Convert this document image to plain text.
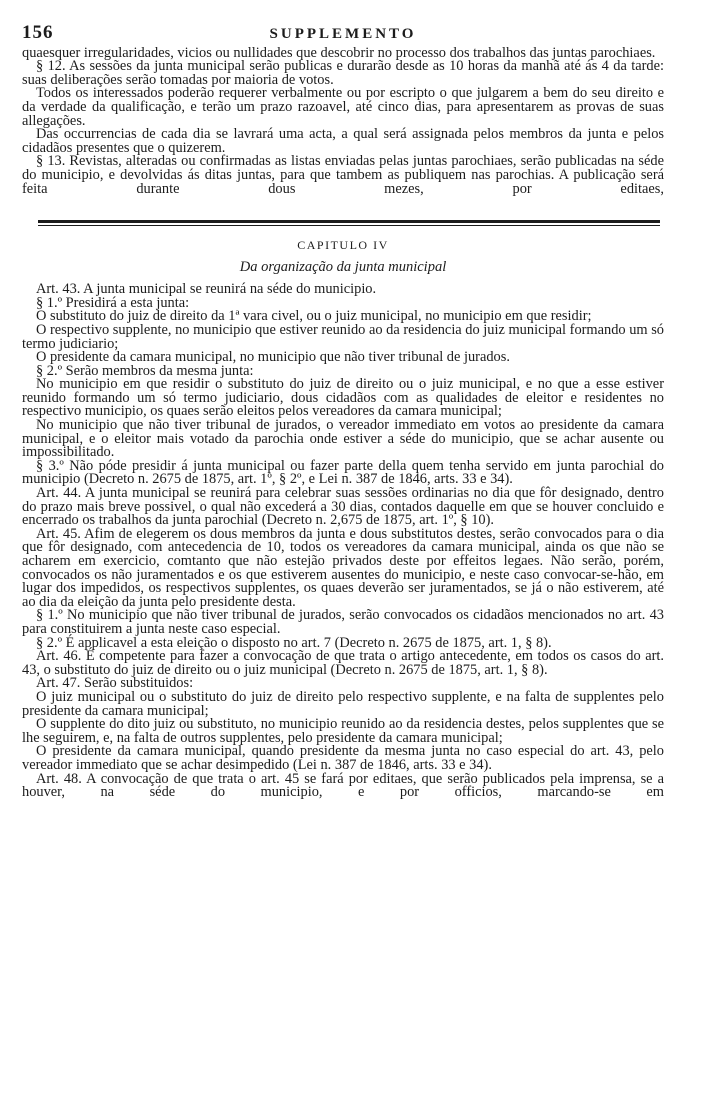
156	SUPPLEMENTO

quaesquer irregularidades, vicios ou nullidades que descobrir no processo dos trabalhos das juntas parochiaes.

§ 12. As sessões da junta municipal serão publicas e durarão desde as 10 horas da manhã até ás 4 da tarde: suas deliberações serão tomadas por maioria de votos.

Todos os interessados poderão requerer verbalmente ou por escripto o que julgarem a bem do seu direito e da verdade da qualificação, e terão um prazo razoavel, até cinco dias, para apresentarem as provas de suas allegações.

Das occurrencias de cada dia se lavrará uma acta, a qual será assignada pelos membros da junta e pelos cidadãos presentes que o quizerem.

§ 13. Revistas, alteradas ou confirmadas as listas enviadas pelas juntas parochiaes, serão publicadas na séde do municipio, e devolvidas ás ditas juntas, para que tambem as publiquem nas parochias. A publicação será feita durante dous mezes, por editaes,

CAPITULO IV
Da organização da junta municipal

Art. 43. A junta municipal se reunirá na séde do municipio.

§ 1.º Presidirá a esta junta:

O substituto do juiz de direito da 1ª vara civel, ou o juiz municipal, no municipio em que residir;

O respectivo supplente, no municipio que estiver reunido ao da residencia do juiz municipal formando um só termo judiciario;

O presidente da camara municipal, no municipio que não tiver tribunal de jurados.

§ 2.º Serão membros da mesma junta:

No municipio em que residir o substituto do juiz de direito ou o juiz municipal, e no que a esse estiver reunido formando um só termo judiciario, dous cidadãos com as qualidades de eleitor e residentes no respectivo municipio, os quaes serão eleitos pelos vereadores da camara municipal;

No municipio que não tiver tribunal de jurados, o vereador immediato em votos ao presidente da camara municipal, e o eleitor mais votado da parochia onde estiver a séde do municipio, que se achar ausente ou impossibilitado.

§ 3.º Não póde presidir á junta municipal ou fazer parte della quem tenha servido em junta parochial do municipio (Decreto n. 2675 de 1875, art. 1º, § 2º, e Lei n. 387 de 1846, arts. 33 e 34).

Art. 44. A junta municipal se reunirá para celebrar suas sessões ordinarias no dia que fôr designado, dentro do prazo mais breve possivel, o qual não excederá a 30 dias, contados daquelle em que se houver concluido e encerrado os trabalhos da junta parochial (Decreto n. 2,675 de 1875, art. 1º, § 10).

Art. 45. Afim de elegerem os dous membros da junta e dous substitutos destes, serão convocados para o dia que fôr designado, com antecedencia de 10, todos os vereadores da camara municipal, ainda os que não se acharem em exercicio, comtanto que não estejão privados deste por effeitos legaes. Não serão, porém, convocados os não juramentados e os que estiverem ausentes do municipio, e neste caso convocar-se-hão, em lugar dos impedidos, os respectivos supplentes, os quaes deverão ser juramentados, se já o não estiverem, até ao dia da eleição da junta pelo presidente desta.

§ 1.º No municipio que não tiver tribunal de jurados, serão convocados os cidadãos mencionados no art. 43 para constituirem a junta neste caso especial.

§ 2.º É applicavel a esta eleição o disposto no art. 7 (Decreto n. 2675 de 1875, art. 1, § 8).

Art. 46. É competente para fazer a convocação de que trata o artigo antecedente, em todos os casos do art. 43, o substituto do juiz de direito ou o juiz municipal (Decreto n. 2675 de 1875, art. 1, § 8).

Art. 47. Serão substituidos:

O juiz municipal ou o substituto do juiz de direito pelo respectivo supplente, e na falta de supplentes pelo presidente da camara municipal;

O supplente do dito juiz ou substituto, no municipio reunido ao da residencia destes, pelos supplentes que se lhe seguirem, e, na falta de outros supplentes, pelo presidente da camara municipal;

O presidente da camara municipal, quando presidente da mesma junta no caso especial do art. 43, pelo vereador immediato que se achar desimpedido (Lei n. 387 de 1846, arts. 33 e 34).

Art. 48. A convocação de que trata o art. 45 se fará por editaes, que serão publicados pela imprensa, se a houver, na séde do municipio, e por officios, marcando-se em
